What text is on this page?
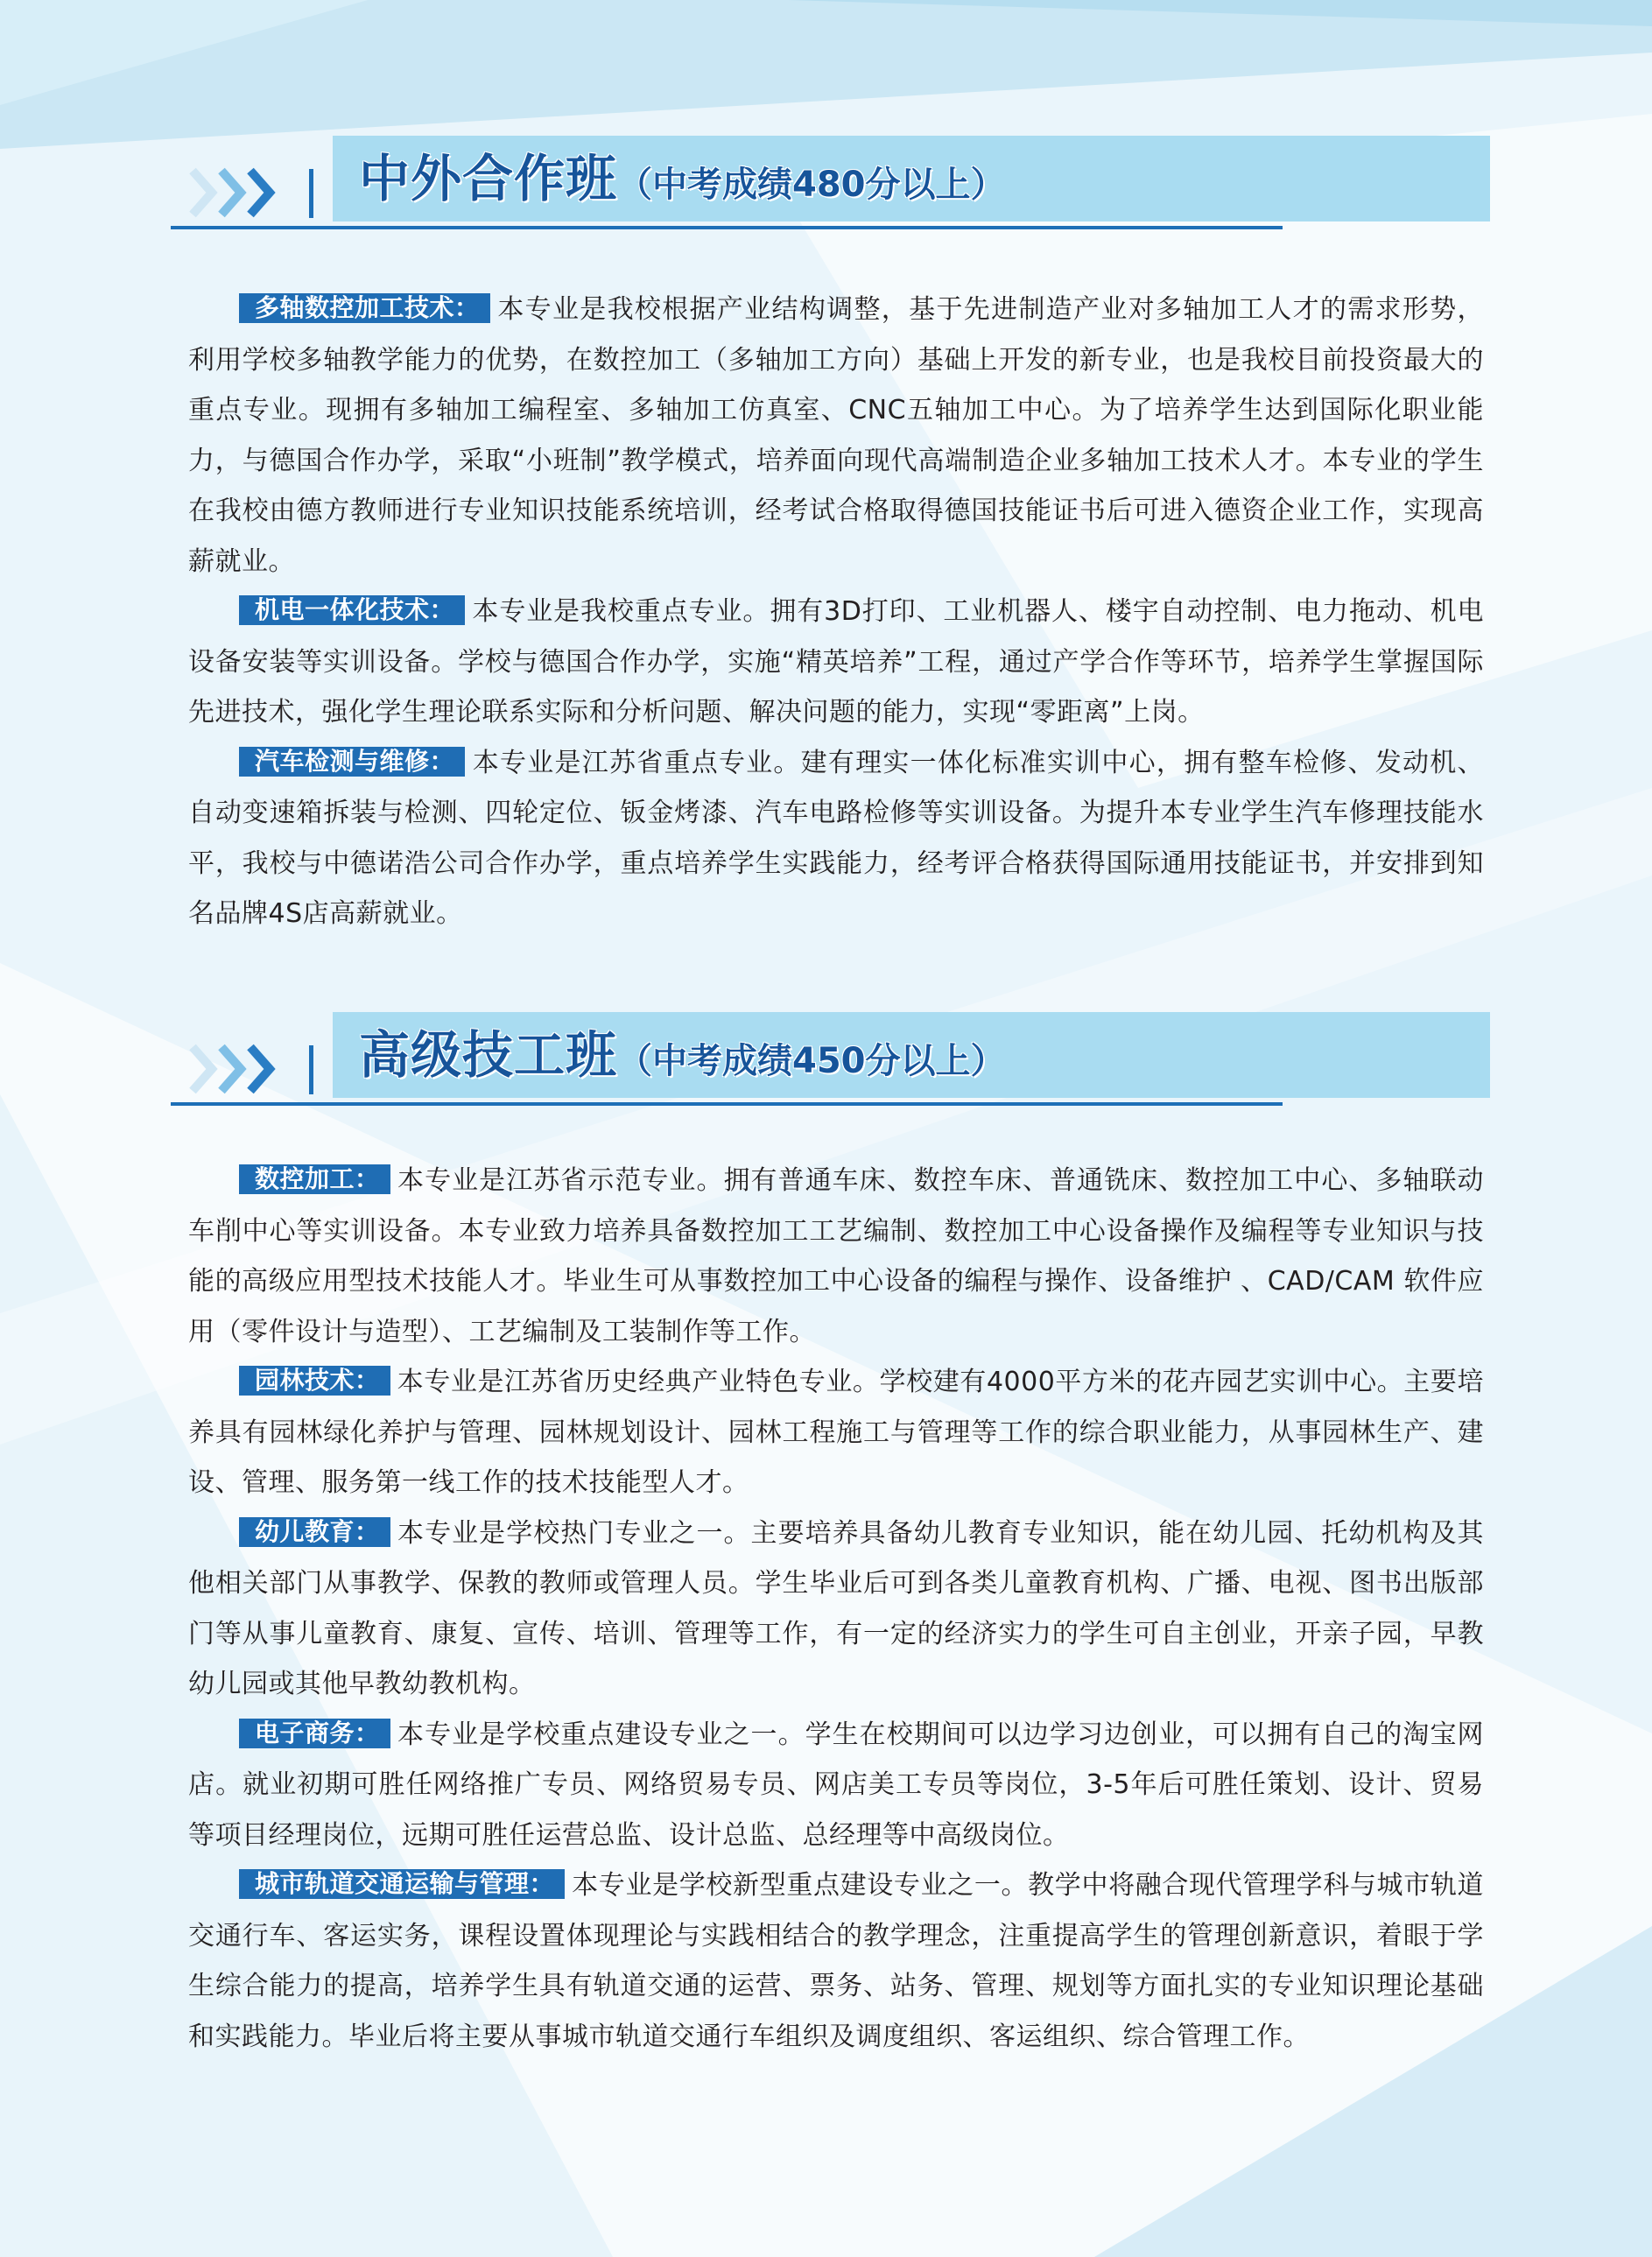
中外合作班（中考成绩480分以上）

多轴数控加工技术： 本专业是我校根据产业结构调整，基于先进制造产业对多轴加工人才的需求形势，利用学校多轴教学能力的优势，在数控加工（多轴加工方向）基础上开发的新专业，也是我校目前投资最大的重点专业。现拥有多轴加工编程室、多轴加工仿真室、CNC五轴加工中心。为了培养学生达到国际化职业能力，与德国合作办学，采取“小班制”教学模式，培养面向现代高端制造企业多轴加工技术人才。本专业的学生在我校由德方教师进行专业知识技能系统培训，经考试合格取得德国技能证书后可进入德资企业工作，实现高薪就业。

机电一体化技术： 本专业是我校重点专业。拥有3D打印、工业机器人、楼宇自动控制、电力拖动、机电设备安装等实训设备。学校与德国合作办学，实施“精英培养”工程，通过产学合作等环节，培养学生掌握国际先进技术，强化学生理论联系实际和分析问题、解决问题的能力，实现“零距离”上岗。

汽车检测与维修： 本专业是江苏省重点专业。建有理实一体化标准实训中心，拥有整车检修、发动机、自动变速箱拆装与检测、四轮定位、钣金烤漆、汽车电路检修等实训设备。为提升本专业学生汽车修理技能水平，我校与中德诺浩公司合作办学，重点培养学生实践能力，经考评合格获得国际通用技能证书，并安排到知名品牌4S店高薪就业。

高级技工班（中考成绩450分以上）

数控加工： 本专业是江苏省示范专业。拥有普通车床、数控车床、普通铣床、数控加工中心、多轴联动车削中心等实训设备。本专业致力培养具备数控加工工艺编制、数控加工中心设备操作及编程等专业知识与技能的高级应用型技术技能人才。毕业生可从事数控加工中心设备的编程与操作、设备维护 、CAD/CAM 软件应用（零件设计与造型）、工艺编制及工装制作等工作。

园林技术： 本专业是江苏省历史经典产业特色专业。学校建有4000平方米的花卉园艺实训中心。主要培养具有园林绿化养护与管理、园林规划设计、园林工程施工与管理等工作的综合职业能力，从事园林生产、建设、管理、服务第一线工作的技术技能型人才。

幼儿教育： 本专业是学校热门专业之一。主要培养具备幼儿教育专业知识，能在幼儿园、托幼机构及其他相关部门从事教学、保教的教师或管理人员。学生毕业后可到各类儿童教育机构、广播、电视、图书出版部门等从事儿童教育、康复、宣传、培训、管理等工作，有一定的经济实力的学生可自主创业，开亲子园，早教幼儿园或其他早教幼教机构。

电子商务： 本专业是学校重点建设专业之一。学生在校期间可以边学习边创业，可以拥有自己的淘宝网店。就业初期可胜任网络推广专员、网络贸易专员、网店美工专员等岗位，3-5年后可胜任策划、设计、贸易等项目经理岗位，远期可胜任运营总监、设计总监、总经理等中高级岗位。

城市轨道交通运输与管理： 本专业是学校新型重点建设专业之一。教学中将融合现代管理学科与城市轨道交通行车、客运实务，课程设置体现理论与实践相结合的教学理念，注重提高学生的管理创新意识，着眼于学生综合能力的提高，培养学生具有轨道交通的运营、票务、站务、管理、规划等方面扎实的专业知识理论基础和实践能力。毕业后将主要从事城市轨道交通行车组织及调度组织、客运组织、综合管理工作。
